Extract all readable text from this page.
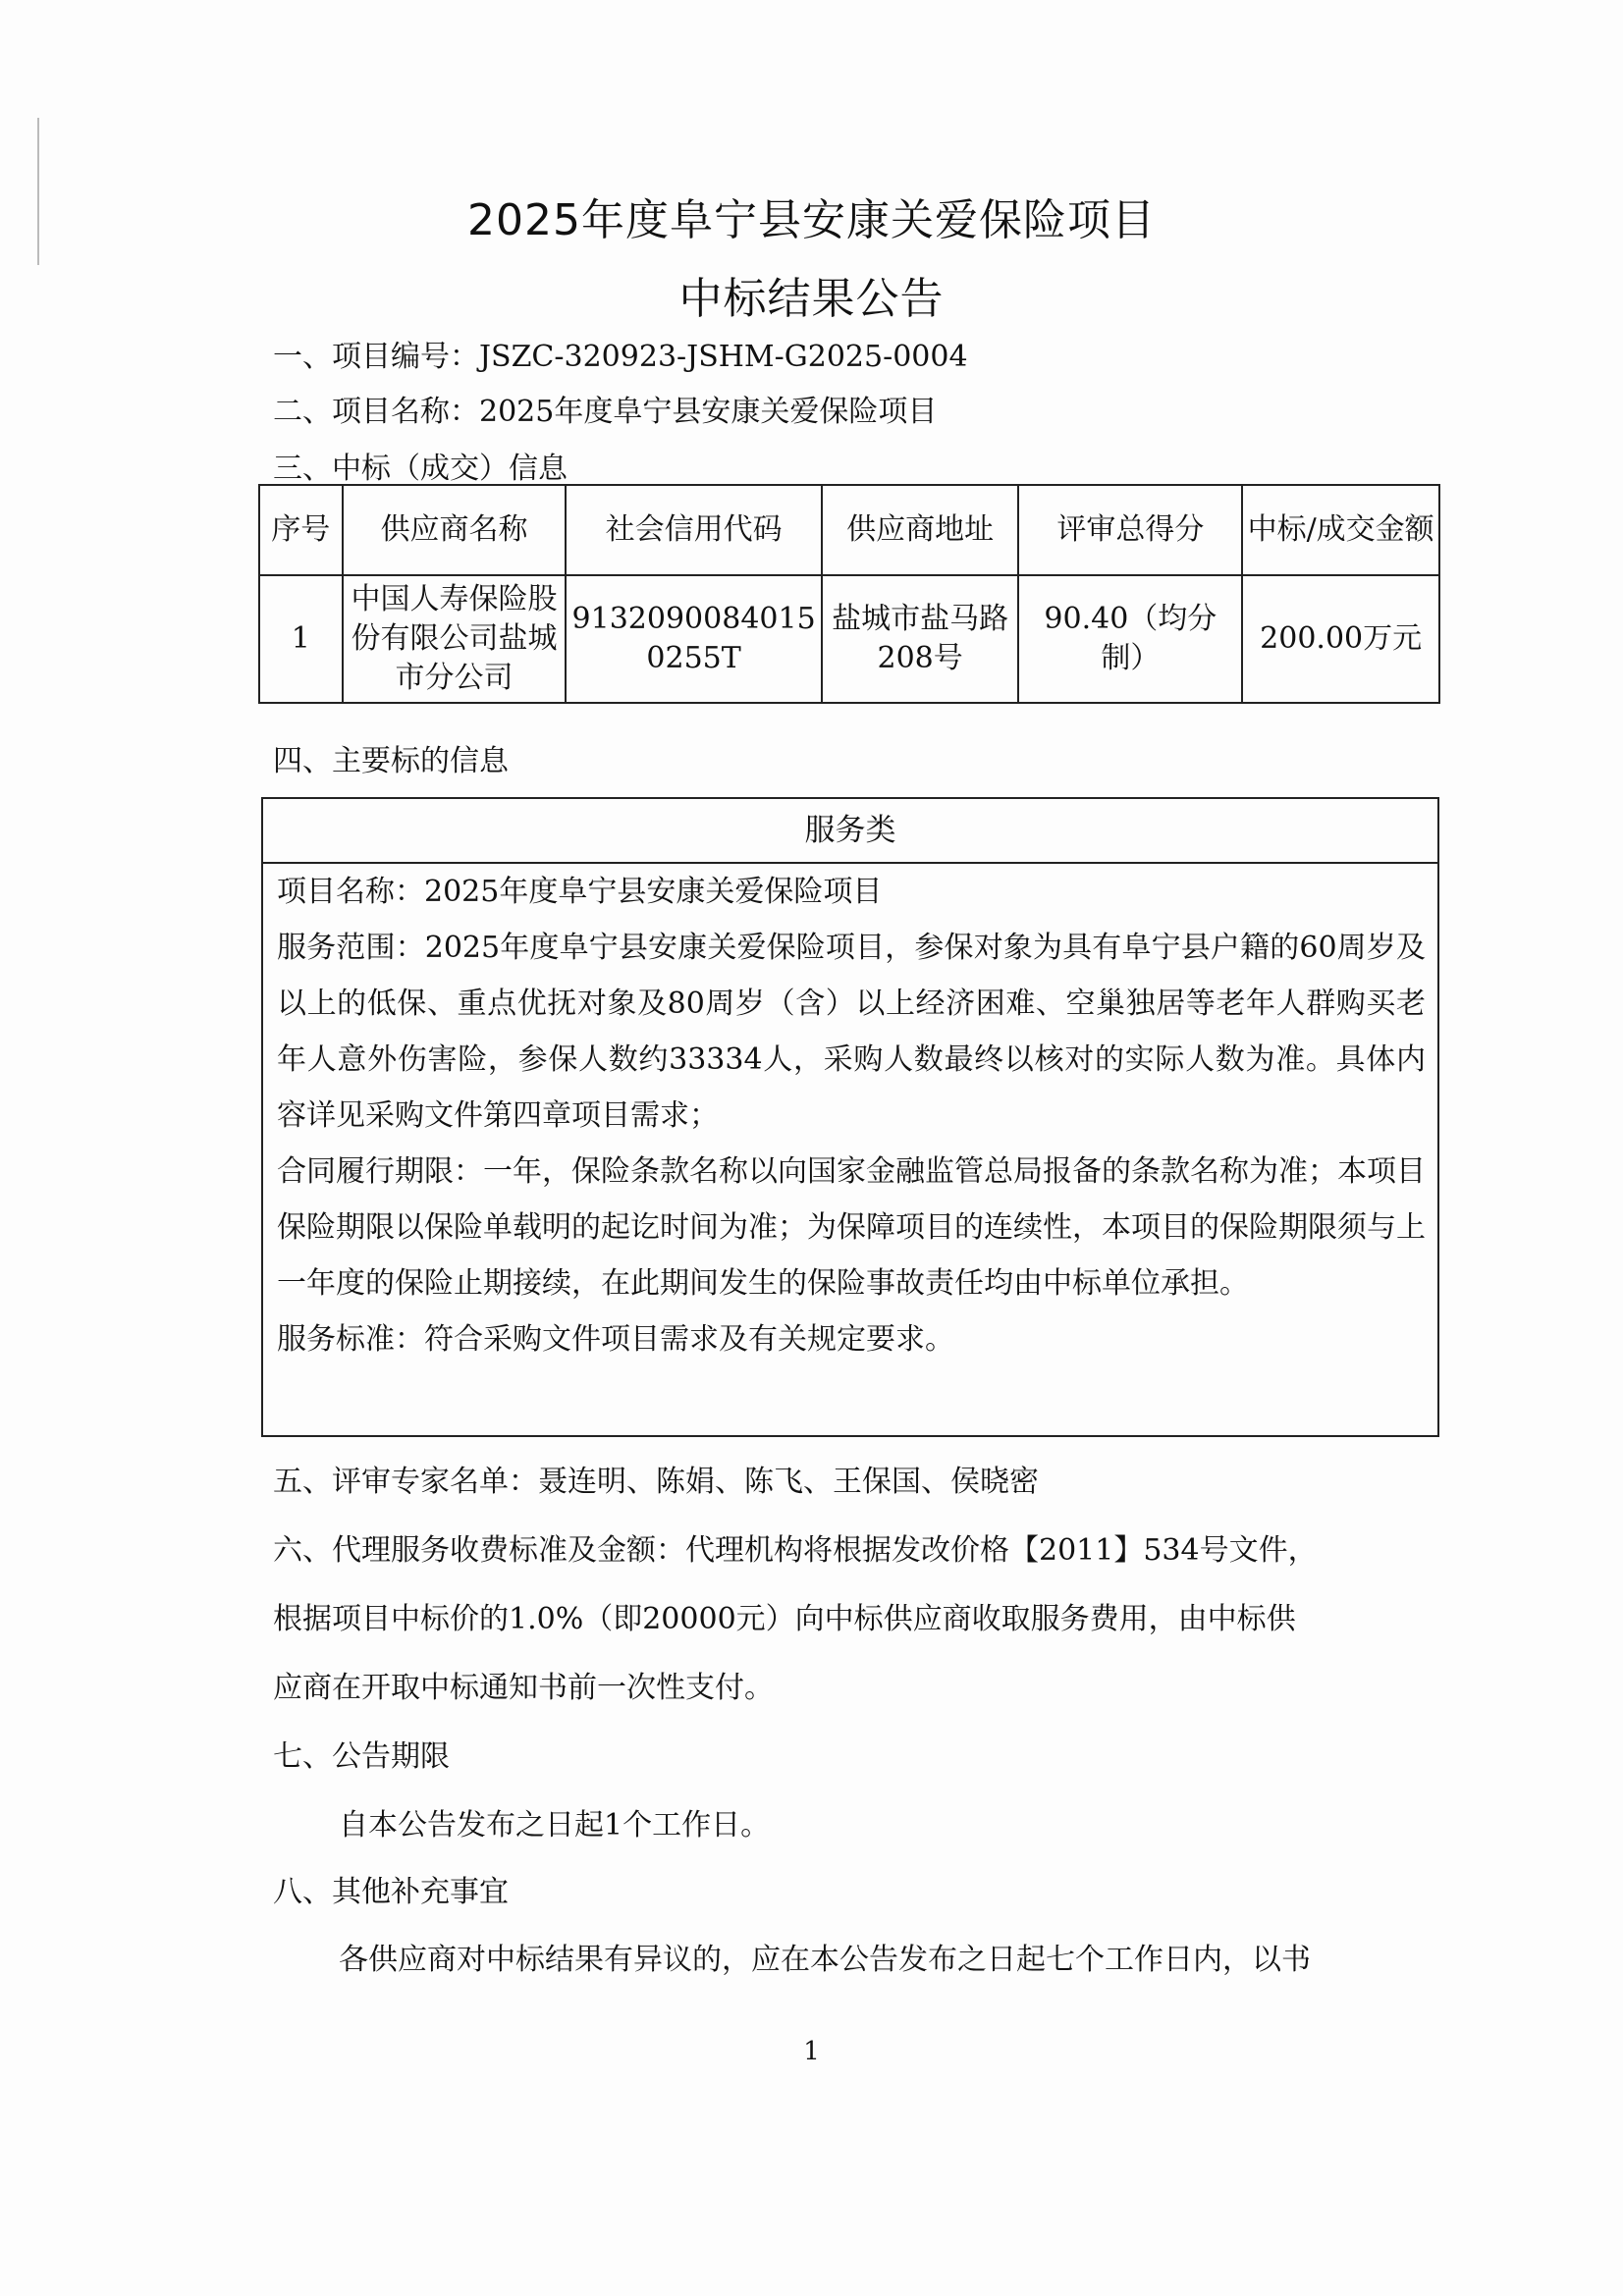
2025年度阜宁县安康关爱保险项目
中标结果公告
一、项目编号：JSZC-320923-JSHM-G2025-0004
二、项目名称：2025年度阜宁县安康关爱保险项目
三、中标（成交）信息
序号	供应商名称	社会信用代码	供应商地址	评审总得分	中标/成交金额
1	中国人寿保险股份有限公司盐城市分公司	91320900840150255T	盐城市盐马路208号	90.40（均分制）	200.00万元
四、主要标的信息
服务类

项目名称：2025年度阜宁县安康关爱保险项目

服务范围：2025年度阜宁县安康关爱保险项目，参保对象为具有阜宁县户籍的60周岁及以上的低保、重点优抚对象及80周岁（含）以上经济困难、空巢独居等老年人群购买老年人意外伤害险，参保人数约33334人，采购人数最终以核对的实际人数为准。具体内容详见采购文件第四章项目需求；

合同履行期限：一年，保险条款名称以向国家金融监管总局报备的条款名称为准；本项目保险期限以保险单载明的起讫时间为准；为保障项目的连续性，本项目的保险期限须与上一年度的保险止期接续，在此期间发生的保险事故责任均由中标单位承担。

服务标准：符合采购文件项目需求及有关规定要求。

五、评审专家名单：聂连明、陈娟、陈飞、王保国、侯晓密
六、代理服务收费标准及金额：代理机构将根据发改价格【2011】534号文件，
根据项目中标价的1.0%（即20000元）向中标供应商收取服务费用，由中标供
应商在开取中标通知书前一次性支付。
七、公告期限
自本公告发布之日起1个工作日。
八、其他补充事宜
各供应商对中标结果有异议的，应在本公告发布之日起七个工作日内，以书
1
